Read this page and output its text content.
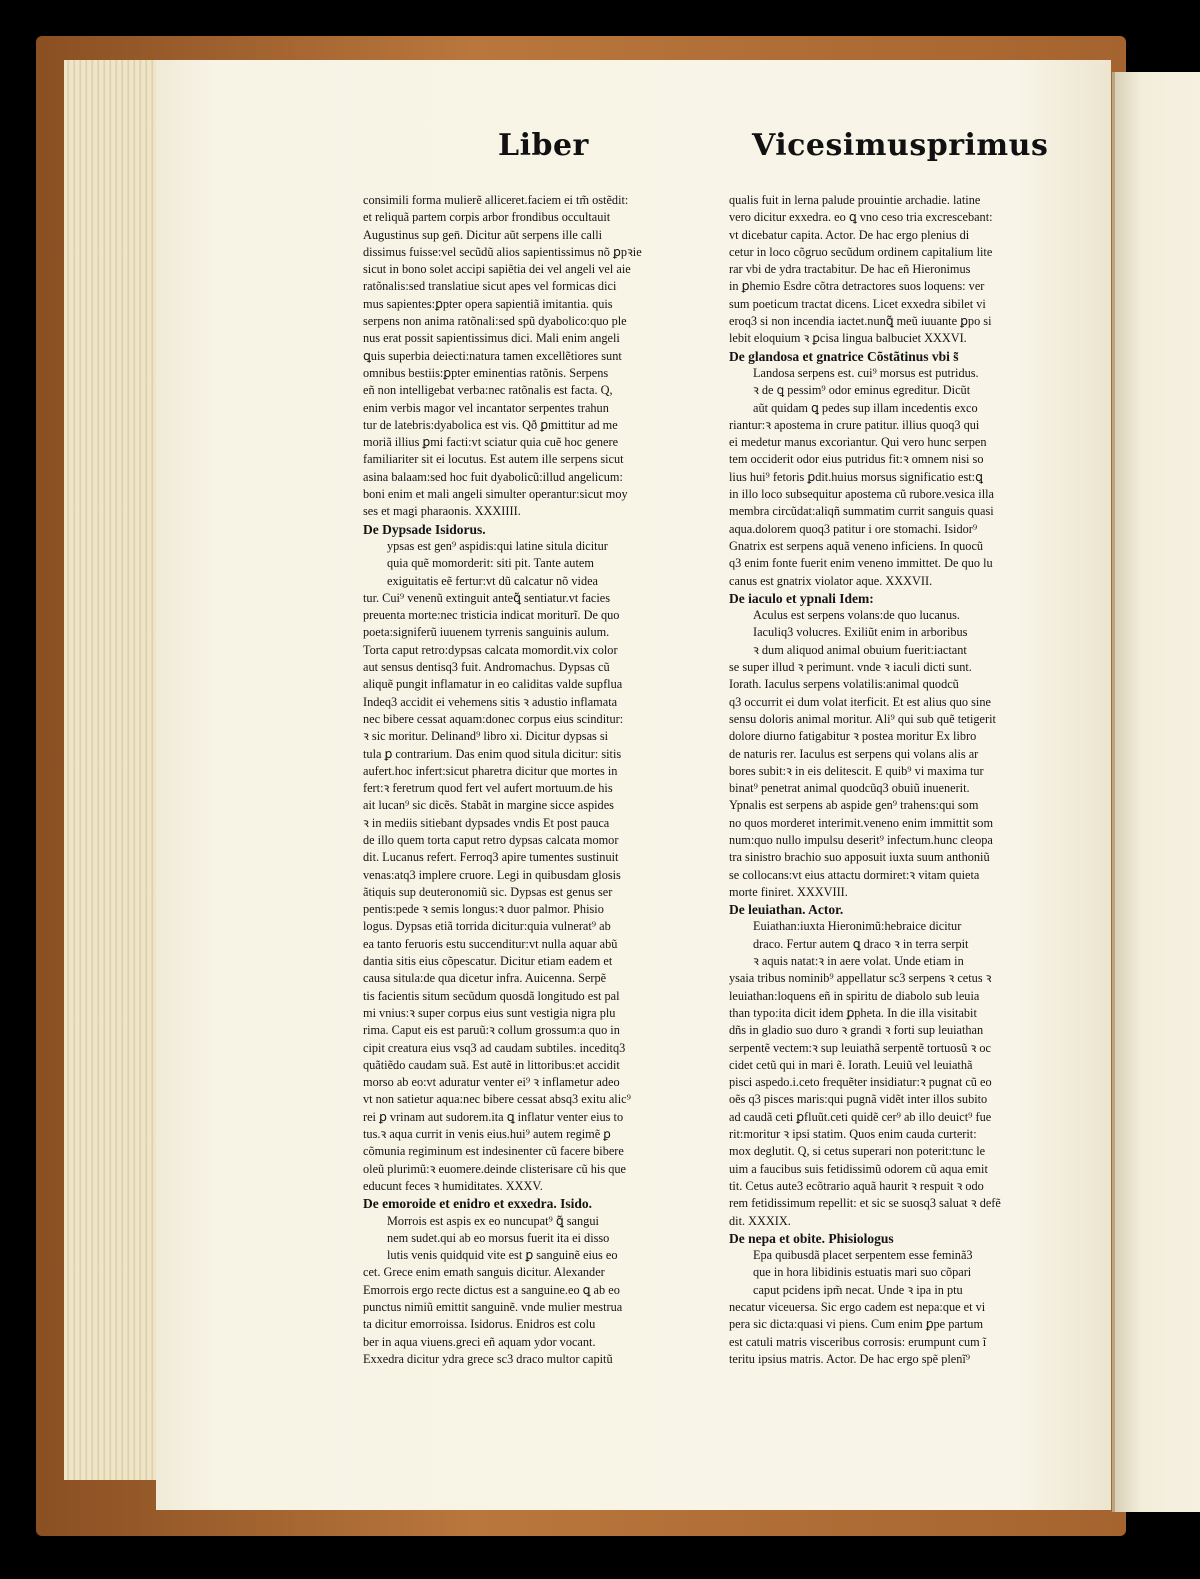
Liber	Vicesimusprimus
consimili forma mulierẽ alliceret.faciem ei tm̃ ostẽdit:
et reliquã partem corpis arbor frondibus occultauit
Augustinus sup gen̄. Dicitur aũt serpens ille calli
dissimus fuisse:vel secũdũ alios sapientissimus nõ ꝑpꝛie
sicut in bono solet accipi sapiẽtia dei vel angeli vel aie
ratõnalis:sed translatiue sicut apes vel formicas dici
mus sapientes:ꝑpter opera sapientiã imitantia. quis
serpens non anima ratõnali:sed spũ dyabolico:quo ple
nus erat possit sapientissimus dici. Mali enim angeli
ꝗuis superbia deiecti:natura tamen excellẽtiores sunt
omnibus bestiis:ꝑpter eminentias ratõnis. Serpens
eñ non intelligebat verba:nec ratõnalis est facta. Q,
enim verbis magor vel incantator serpentes trahun
tur de latebris:dyabolica est vis. Qð ꝑmittitur ad me
moriã illius ꝑmi facti:vt sciatur quia cuẽ hoc genere
familiariter sit ei locutus. Est autem ille serpens sicut
asina balaam:sed hoc fuit dyabolicũ:illud angelicum:
boni enim et mali angeli simulter operantur:sicut moy
ses et magi pharaonis. XXXIIII.
De Dypsade Isidorus.
ypsas est gen⁹ aspidis:qui latine situla dicitur
quia quẽ momorderit: siti pit. Tante autem
exiguitatis eẽ fertur:vt dũ calcatur nõ videa
tur. Cui⁹ venenũ extinguit anteꝗ̃ sentiatur.vt facies
preuenta morte:nec tristicia indicat moriturĩ. De quo
poeta:signiferũ iuuenem tyrrenis sanguinis aulum.
Torta caput retro:dypsas calcata momordit.vix color
aut sensus dentisq3 fuit. Andromachus. Dypsas cũ
aliquẽ pungit inflamatur in eo caliditas valde supflua
Indeq3 accidit ei vehemens sitis ꝛ adustio inflamata
nec bibere cessat aquam:donec corpus eius scinditur:
ꝛ sic moritur. Delinand⁹ libro xi. Dicitur dypsas si
tula ꝑ contrarium. Das enim quod situla dicitur: sitis
aufert.hoc infert:sicut pharetra dicitur que mortes in
fert:ꝛ feretrum quod fert vel aufert mortuum.de his
ait lucan⁹ sic dicẽs. Stabãt in margine sicce aspides
ꝛ in mediis sitiebant dypsades vndis Et post pauca
de illo quem torta caput retro dypsas calcata momor
dit. Lucanus refert. Ferroq3 apire tumentes sustinuit
venas:atq3 implere cruore. Legi in quibusdam glosis
ãtiquis sup deuteronomiũ sic. Dypsas est genus ser
pentis:pede ꝛ semis longus:ꝛ duor palmor. Phisio
logus. Dypsas etiã torrida dicitur:quia vulnerat⁹ ab
ea tanto feruoris estu succenditur:vt nulla aquar abũ
dantia sitis eius cõpescatur. Dicitur etiam eadem et
causa situla:de qua dicetur infra. Auicenna. Serpẽ
tis facientis situm secũdum quosdã longitudo est pal
mi vnius:ꝛ super corpus eius sunt vestigia nigra plu
rima. Caput eis est paruũ:ꝛ collum grossum:a quo in
cipit creatura eius vsq3 ad caudam subtiles. inceditq3
quãtiẽdo caudam suã. Est autẽ in littoribus:et accidit
morso ab eo:vt aduratur venter ei⁹ ꝛ inflametur adeo
vt non satietur aqua:nec bibere cessat absq3 exitu alic⁹
rei ꝑ vrinam aut sudorem.ita ꝗ inflatur venter eius to
tus.ꝛ aqua currit in venis eius.hui⁹ autem regimẽ ꝑ
cõmunia regiminum est indesinenter cũ facere bibere
oleũ plurimũ:ꝛ euomere.deinde clisterisare cũ his que
educunt feces ꝛ humiditates. XXXV.
De emoroide et enidro et exxedra. Isido.
Morrois est aspis ex eo nuncupat⁹ ꝗ̃ sangui
nem sudet.qui ab eo morsus fuerit ita ei disso
lutis venis quidquid vite est ꝑ sanguinẽ eius eo
cet. Grece enim emath sanguis dicitur. Alexander
Emorrois ergo recte dictus est a sanguine.eo ꝗ ab eo
punctus nimiũ emittit sanguinẽ. vnde mulier mestrua
ta dicitur emorroissa. Isidorus. Enidros est colu
ber in aqua viuens.greci eñ aquam ydor vocant.
Exxedra dicitur ydra grece sc3 draco multor capitũ
qualis fuit in lerna palude prouintie archadie. latine
vero dicitur exxedra. eo ꝗ vno ceso tria excrescebant:
vt dicebatur capita. Actor. De hac ergo plenius di
cetur in loco cõgruo secũdum ordinem capitalium lite
rar vbi de ydra tractabitur. De hac eñ Hieronimus
in ꝑhemio Esdre cõtra detractores suos loquens: ver
sum poeticum tractat dicens. Licet exxedra sibilet vi
eroq3 si non incendia iactet.nunꝗ̃ meũ iuuante ꝑpo si
lebit eloquium ꝛ ꝑcisa lingua balbuciet XXXVI.
De glandosa et gnatrice Cõstãtinus vbi s̃
Landosa serpens est. cui⁹ morsus est putridus.
ꝛ de ꝗ pessim⁹ odor eminus egreditur. Dicũt
aũt quidam ꝗ pedes sup illam incedentis exco
riantur:ꝛ apostema in crure patitur. illius quoq3 qui
ei medetur manus excoriantur. Qui vero hunc serpen
tem occiderit odor eius putridus fit:ꝛ omnem nisi so
lius hui⁹ fetoris ꝑdit.huius morsus significatio est:ꝗ
in illo loco subsequitur apostema cũ rubore.vesica illa
membra circũdat:aliqñ summatim currit sanguis quasi
aqua.dolorem quoq3 patitur i ore stomachi. Isidor⁹
Gnatrix est serpens aquã veneno inficiens. In quocũ
q3 enim fonte fuerit enim veneno immittet. De quo lu
canus est gnatrix violator aque. XXXVII.
De iaculo et ypnali Idem:
Aculus est serpens volans:de quo lucanus.
Iaculiq3 volucres. Exiliũt enim in arboribus
ꝛ dum aliquod animal obuium fuerit:iactant
se super illud ꝛ perimunt. vnde ꝛ iaculi dicti sunt.
Iorath. Iaculus serpens volatilis:animal quodcũ
q3 occurrit ei dum volat iterficit. Et est alius quo sine
sensu doloris animal moritur. Ali⁹ qui sub quẽ tetigerit
dolore diurno fatigabitur ꝛ postea moritur Ex libro
de naturis rer. Iaculus est serpens qui volans alis ar
bores subit:ꝛ in eis delitescit. E quib⁹ vi maxima tur
binat⁹ penetrat animal quodcũq3 obuiũ inuenerit.
Ypnalis est serpens ab aspide gen⁹ trahens:qui som
no quos morderet interimit.veneno enim immittit som
num:quo nullo impulsu deserit⁹ infectum.hunc cleopa
tra sinistro brachio suo apposuit iuxta suum anthoniũ
se collocans:vt eius attactu dormiret:ꝛ vitam quieta
morte finiret. XXXVIII.
De leuiathan. Actor.
Euiathan:iuxta Hieronimũ:hebraice dicitur
draco. Fertur autem ꝗ draco ꝛ in terra serpit
ꝛ aquis natat:ꝛ in aere volat. Unde etiam in
ysaia tribus nominib⁹ appellatur sc3 serpens ꝛ cetus ꝛ
leuiathan:loquens eñ in spiritu de diabolo sub leuia
than typo:ita dicit idem ꝑpheta. In die illa visitabit
dñs in gladio suo duro ꝛ grandi ꝛ forti sup leuiathan
serpentẽ vectem:ꝛ sup leuiathã serpentẽ tortuosũ ꝛ oc
cidet cetũ qui in mari ẽ. Iorath. Leuiũ vel leuiathã
pisci aspedo.i.ceto frequẽter insidiatur:ꝛ pugnat cũ eo
oẽs q3 pisces maris:qui pugnã vidẽt inter illos subito
ad caudã ceti ꝑfluũt.ceti quidẽ cer⁹ ab illo deuict⁹ fue
rit:moritur ꝛ ipsi statim. Quos enim cauda curterit:
mox deglutit. Q, si cetus superari non poterit:tunc le
uim a faucibus suis fetidissimũ odorem cũ aqua emit
tit. Cetus aute3 ecõtrario aquã haurit ꝛ respuit ꝛ odo
rem fetidissimum repellit: et sic se suosq3 saluat ꝛ defẽ
dit. XXXIX.
De nepa et obite. Phisiologus
Epa quibusdã placet serpentem esse feminã3
que in hora libidinis estuatis mari suo cõpari
caput pcidens ipm̃ necat. Unde ꝛ ipa in ptu
necatur viceuersa. Sic ergo cadem est nepa:que et vi
pera sic dicta:quasi vi piens. Cum enim ꝑpe partum
est catuli matris visceribus corrosis: erumpunt cum ĩ
teritu ipsius matris. Actor. De hac ergo spẽ plenĩ⁹
